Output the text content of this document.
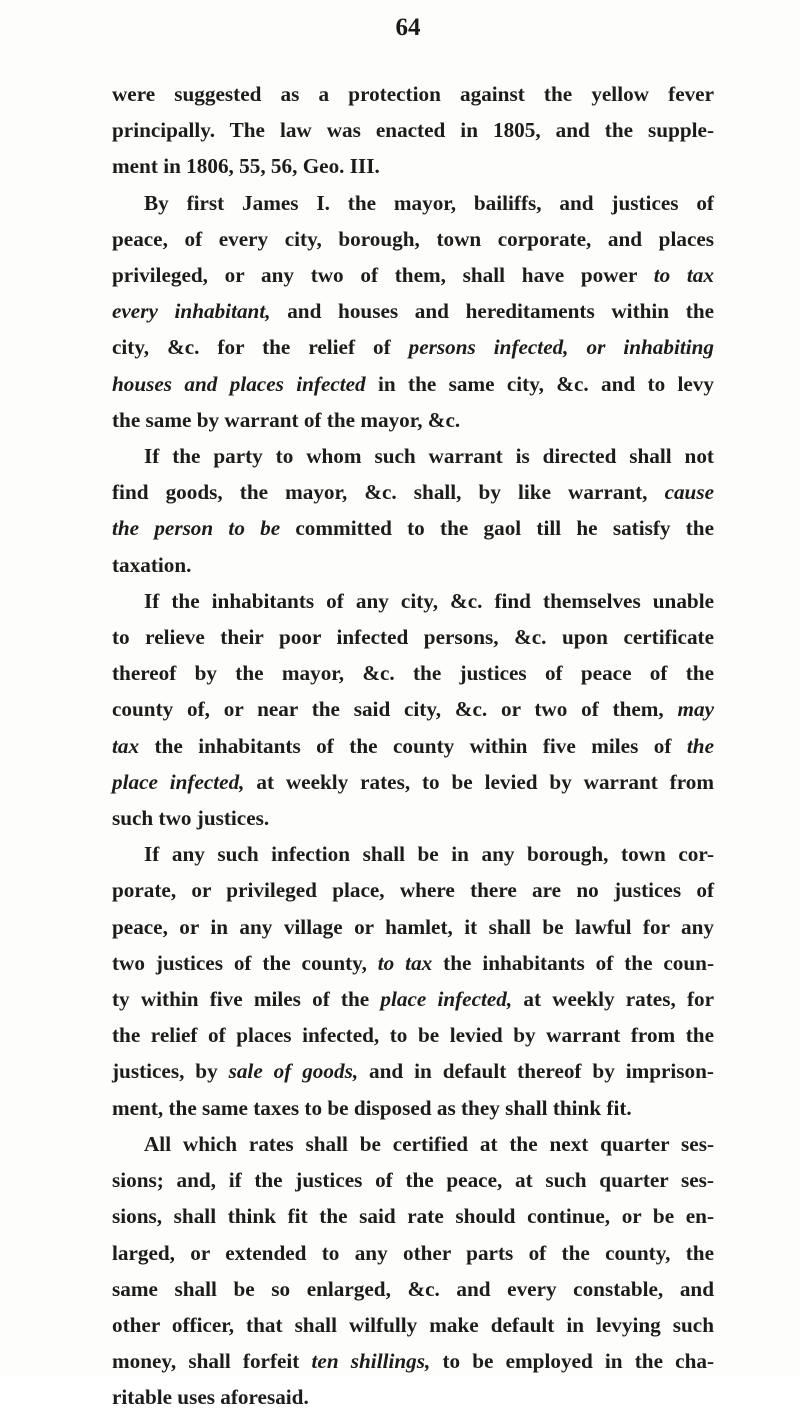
64
were suggested as a protection against the yellow fever
principally. The law was enacted in 1805, and the supple-
ment in 1806, 55, 56, Geo. III.
By first James I. the mayor, bailiffs, and justices of
peace, of every city, borough, town corporate, and places
privileged, or any two of them, shall have power to tax
every inhabitant, and houses and hereditaments within the
city, &c. for the relief of persons infected, or inhabiting
houses and places infected in the same city, &c. and to levy
the same by warrant of the mayor, &c.
If the party to whom such warrant is directed shall not
find goods, the mayor, &c. shall, by like warrant, cause
the person to be committed to the gaol till he satisfy the
taxation.
If the inhabitants of any city, &c. find themselves unable
to relieve their poor infected persons, &c. upon certificate
thereof by the mayor, &c. the justices of peace of the
county of, or near the said city, &c. or two of them, may
tax the inhabitants of the county within five miles of the
place infected, at weekly rates, to be levied by warrant from
such two justices.
If any such infection shall be in any borough, town cor-
porate, or privileged place, where there are no justices of
peace, or in any village or hamlet, it shall be lawful for any
two justices of the county, to tax the inhabitants of the coun-
ty within five miles of the place infected, at weekly rates, for
the relief of places infected, to be levied by warrant from the
justices, by sale of goods, and in default thereof by imprison-
ment, the same taxes to be disposed as they shall think fit.
All which rates shall be certified at the next quarter ses-
sions; and, if the justices of the peace, at such quarter ses-
sions, shall think fit the said rate should continue, or be en-
larged, or extended to any other parts of the county, the
same shall be so enlarged, &c. and every constable, and
other officer, that shall wilfully make default in levying such
money, shall forfeit ten shillings, to be employed in the cha-
ritable uses aforesaid.
